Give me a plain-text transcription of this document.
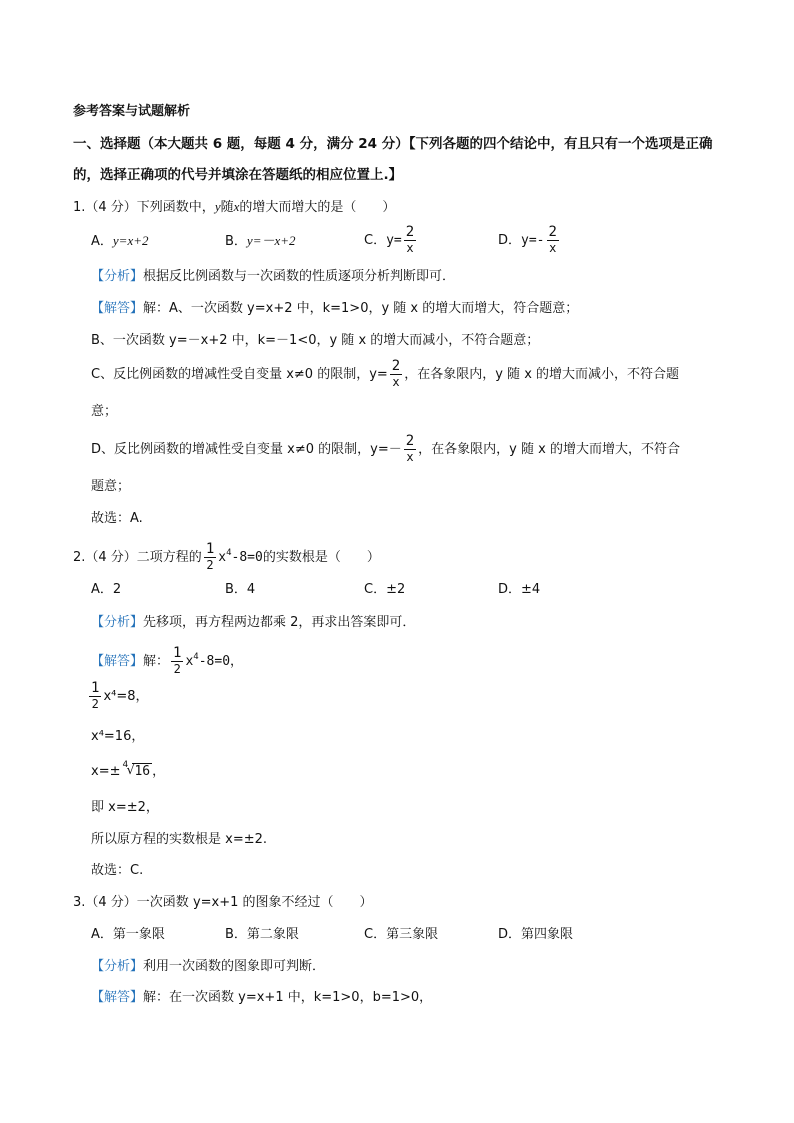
参考答案与试题解析
一、选择题（本大题共 6 题，每题 4 分，满分 24 分）【下列各题的四个结论中，有且只有一个选项是正确
的，选择正确项的代号并填涂在答题纸的相应位置上.】
1.（4 分）下列函数中，y随x的增大而增大的是（　　）
A．y=x+2	B．y=－x+2	C．$y= \frac{2}{x}$	D．$y=- \frac{2}{x}$
【分析】根据反比例函数与一次函数的性质逐项分析判断即可．
【解答】解：A、一次函数 y=x+2 中，k=1>0，y 随 x 的增大而增大，符合题意；
B、一次函数 y=－x+2 中，k=－1<0，y 随 x 的增大而减小，不符合题意；
C、反比例函数的增减性受自变量 x≠0 的限制，$y= \frac{2}{x}$ ，在各象限内，y 随 x 的增大而减小，不符合题
意；
D、反比例函数的增减性受自变量 x≠0 的限制，$y=- \frac{2}{x}$ ，在各象限内，y 随 x 的增大而增大，不符合
题意；
故选：A.
2.（4 分）二项方程的 $\frac{1}{2} x^4-8=0$的实数根是（　　）
A．2	B．4	C．±2	D．±4
【分析】先移项，再方程两边都乘 2，再求出答案即可．
【解答】解： $\frac{1}{2} x^4-8=0$，
$\frac{1}{2} x^4=8$，
x⁴=16，
x=± 4
√ 16 ，
即 x=±2，
所以原方程的实数根是 x=±2.
故选：C.
3.（4 分）一次函数 y=x+1 的图象不经过（　　）
A．第一象限	B．第二象限	C．第三象限	D．第四象限
【分析】利用一次函数的图象即可判断．
【解答】解：在一次函数 y=x+1 中，k=1>0，b=1>0，
